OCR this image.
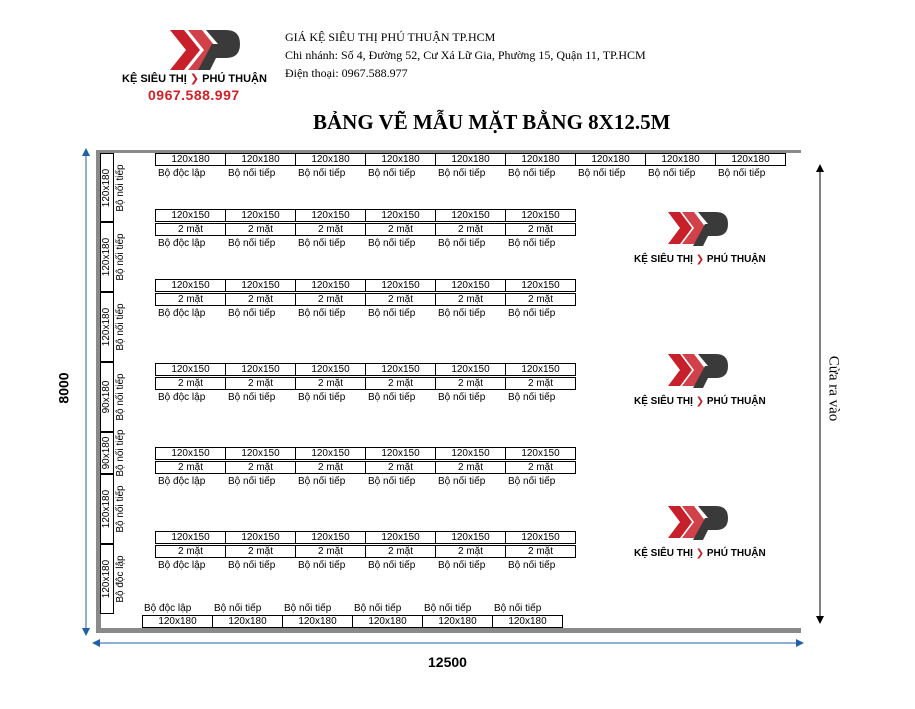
KỆ SIÊU THỊ ❯ PHÚ THUẬN
0967.588.997
GIÁ KỆ SIÊU THỊ PHÚ THUẬN TP.HCM
Chi nhánh: Số 4, Đường 52, Cư Xá Lữ Gia, Phường 15, Quận 11, TP.HCM
Điện thoại: 0967.588.977
BẢNG VẼ MẪU MẶT BẰNG 8X12.5M
8000
12500
Cửa ra vào
120x180
Bộ độc lập
120x180
Bộ nối tiếp
120x180
Bộ nối tiếp
120x180
Bộ nối tiếp
120x180
Bộ nối tiếp
120x180
Bộ nối tiếp
120x180
Bộ nối tiếp
120x180
Bộ nối tiếp
120x180
Bộ nối tiếp
120x150
2 mặt
Bộ độc lập
120x150
2 mặt
Bộ nối tiếp
120x150
2 mặt
Bộ nối tiếp
120x150
2 mặt
Bộ nối tiếp
120x150
2 mặt
Bộ nối tiếp
120x150
2 mặt
Bộ nối tiếp
120x150
2 mặt
Bộ độc lập
120x150
2 mặt
Bộ nối tiếp
120x150
2 mặt
Bộ nối tiếp
120x150
2 mặt
Bộ nối tiếp
120x150
2 mặt
Bộ nối tiếp
120x150
2 mặt
Bộ nối tiếp
120x150
2 mặt
Bộ độc lập
120x150
2 mặt
Bộ nối tiếp
120x150
2 mặt
Bộ nối tiếp
120x150
2 mặt
Bộ nối tiếp
120x150
2 mặt
Bộ nối tiếp
120x150
2 mặt
Bộ nối tiếp
120x150
2 mặt
Bộ độc lập
120x150
2 mặt
Bộ nối tiếp
120x150
2 mặt
Bộ nối tiếp
120x150
2 mặt
Bộ nối tiếp
120x150
2 mặt
Bộ nối tiếp
120x150
2 mặt
Bộ nối tiếp
120x150
2 mặt
Bộ độc lập
120x150
2 mặt
Bộ nối tiếp
120x150
2 mặt
Bộ nối tiếp
120x150
2 mặt
Bộ nối tiếp
120x150
2 mặt
Bộ nối tiếp
120x150
2 mặt
Bộ nối tiếp
120x180 Bộ nối tiếp
120x180 Bộ nối tiếp
120x180 Bộ nối tiếp
90x180 Bộ nối tiếp
90x180 Bộ nối tiếp
120x180 Bộ nối tiếp
120x180 Bộ độc lập
Bộ độc lập
120x180
Bộ nối tiếp
120x180
Bộ nối tiếp
120x180
Bộ nối tiếp
120x180
Bộ nối tiếp
120x180
Bộ nối tiếp
120x180
KỆ SIÊU THỊ ❯ PHÚ THUẬN
KỆ SIÊU THỊ ❯ PHÚ THUẬN
KỆ SIÊU THỊ ❯ PHÚ THUẬN
